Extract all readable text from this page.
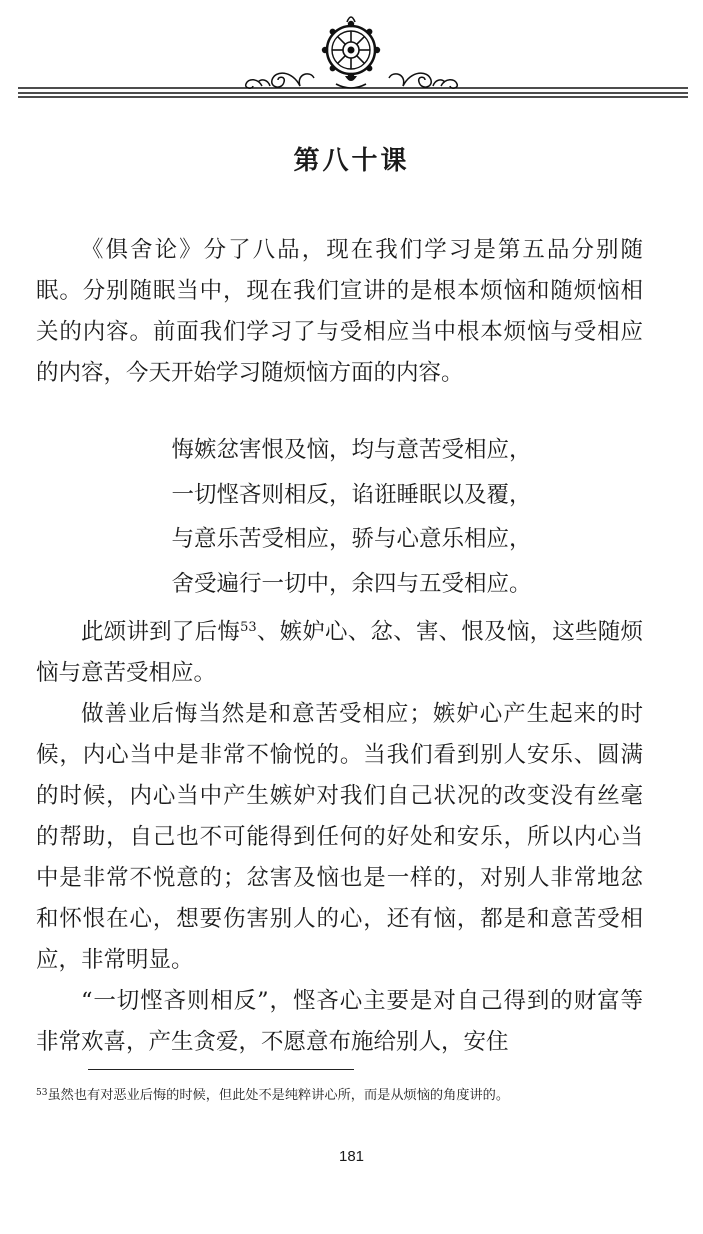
第八十课

《俱舍论》分了八品，现在我们学习是第五品分别随眠。分别随眠当中，现在我们宣讲的是根本烦恼和随烦恼相关的内容。前面我们学习了与受相应当中根本烦恼与受相应的内容，今天开始学习随烦恼方面的内容。

悔嫉忿害恨及恼，均与意苦受相应，
一切悭吝则相反，谄诳睡眠以及覆，
与意乐苦受相应，骄与心意乐相应，
舍受遍行一切中，余四与五受相应。

此颂讲到了后悔$^{53}$、嫉妒心、忿、害、恨及恼，这些随烦恼与意苦受相应。

做善业后悔当然是和意苦受相应；嫉妒心产生起来的时候，内心当中是非常不愉悦的。当我们看到别人安乐、圆满的时候，内心当中产生嫉妒对我们自己状况的改变没有丝毫的帮助，自己也不可能得到任何的好处和安乐，所以内心当中是非常不悦意的；忿害及恼也是一样的，对别人非常地忿和怀恨在心，想要伤害别人的心，还有恼，都是和意苦受相应，非常明显。

“一切悭吝则相反”，悭吝心主要是对自己得到的财富等非常欢喜，产生贪爱，不愿意布施给别人，安住

$^{53}$虽然也有对恶业后悔的时候，但此处不是纯粹讲心所，而是从烦恼的角度讲的。

181
